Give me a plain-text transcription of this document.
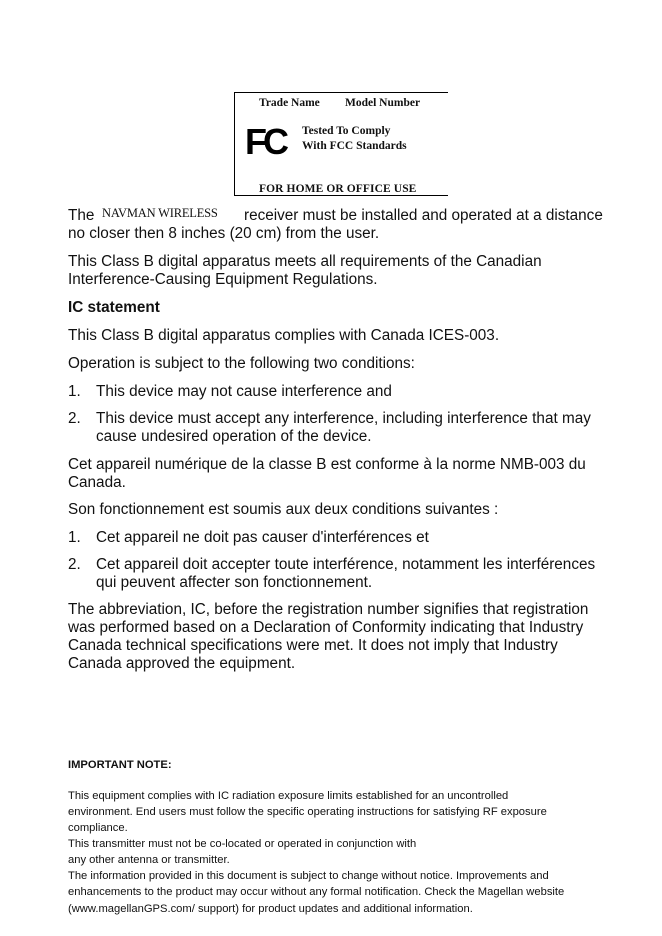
Trade Name Model Number
FC	Tested To Comply
With FCC Standards
FOR HOME OR OFFICE USE
The NAVMAN WIRELESS receiver must be installed and operated at a distance
no closer then 8 inches (20 cm) from the user.
This Class B digital apparatus meets all requirements of the Canadian
Interference-Causing Equipment Regulations.
IC statement
This Class B digital apparatus complies with Canada ICES-003.
Operation is subject to the following two conditions:
1. This device may not cause interference and
2. This device must accept any interference, including interference that may
cause undesired operation of the device.
Cet appareil numérique de la classe B est conforme à la norme NMB-003 du
Canada.
Son fonctionnement est soumis aux deux conditions suivantes :
1. Cet appareil ne doit pas causer d'interférences et
2. Cet appareil doit accepter toute interférence, notamment les interférences
qui peuvent affecter son fonctionnement.
The abbreviation, IC, before the registration number signifies that registration
was performed based on a Declaration of Conformity indicating that Industry
Canada technical specifications were met. It does not imply that Industry
Canada approved the equipment.
IMPORTANT NOTE:
This equipment complies with IC radiation exposure limits established for an uncontrolled
environment. End users must follow the specific operating instructions for satisfying RF exposure
compliance.
This transmitter must not be co-located or operated in conjunction with
any other antenna or transmitter.
The information provided in this document is subject to change without notice. Improvements and
enhancements to the product may occur without any formal notification. Check the Magellan website
(www.magellanGPS.com/ support) for product updates and additional information.
